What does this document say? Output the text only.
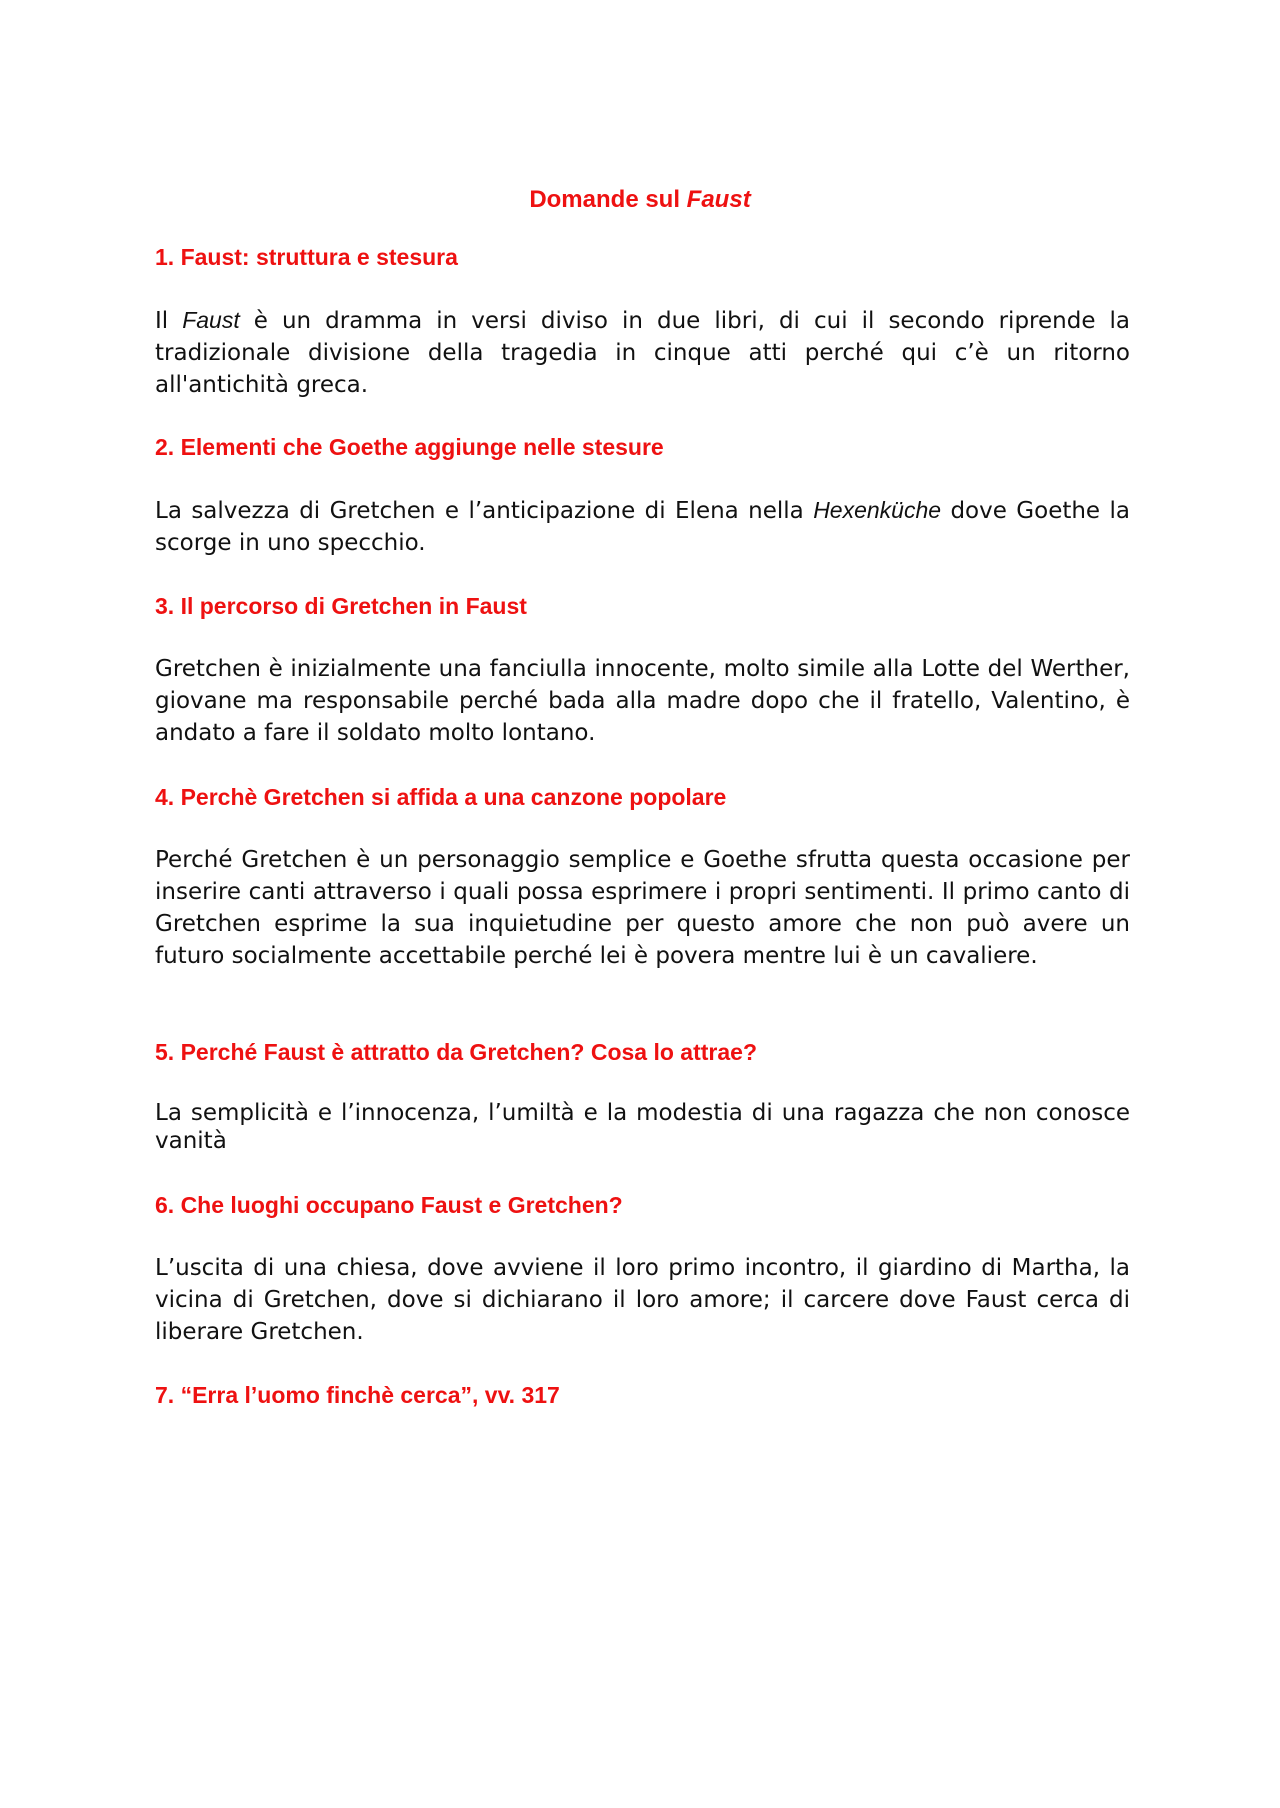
Domande sul Faust
1. Faust: struttura e stesura

Il Faust è un dramma in versi diviso in due libri, di cui il secondo riprende la tradizionale divisione della tragedia in cinque atti perché qui c’è un ritorno all'antichità greca.

2. Elementi che Goethe aggiunge nelle stesure

La salvezza di Gretchen e l’anticipazione di Elena nella Hexenküche dove Goethe la scorge in uno specchio.

3. Il percorso di Gretchen in Faust

Gretchen è inizialmente una fanciulla innocente, molto simile alla Lotte del Werther, giovane ma responsabile perché bada alla madre dopo che il fratello, Valentino, è andato a fare il soldato molto lontano.

4. Perchè Gretchen si affida a una canzone popolare

Perché Gretchen è un personaggio semplice e Goethe sfrutta questa occasione per inserire canti attraverso i quali possa esprimere i propri sentimenti. Il primo canto di Gretchen esprime la sua inquietudine per questo amore che non può avere un futuro socialmente accettabile perché lei è povera mentre lui è un cavaliere.

5. Perché Faust è attratto da Gretchen? Cosa lo attrae?

La semplicità e l’innocenza, l’umiltà e la modestia di una ragazza che non conosce vanità

6. Che luoghi occupano Faust e Gretchen?

L’uscita di una chiesa, dove avviene il loro primo incontro, il giardino di Martha, la vicina di Gretchen, dove si dichiarano il loro amore; il carcere dove Faust cerca di liberare Gretchen.

7. “Erra l’uomo finchè cerca”, vv. 317
